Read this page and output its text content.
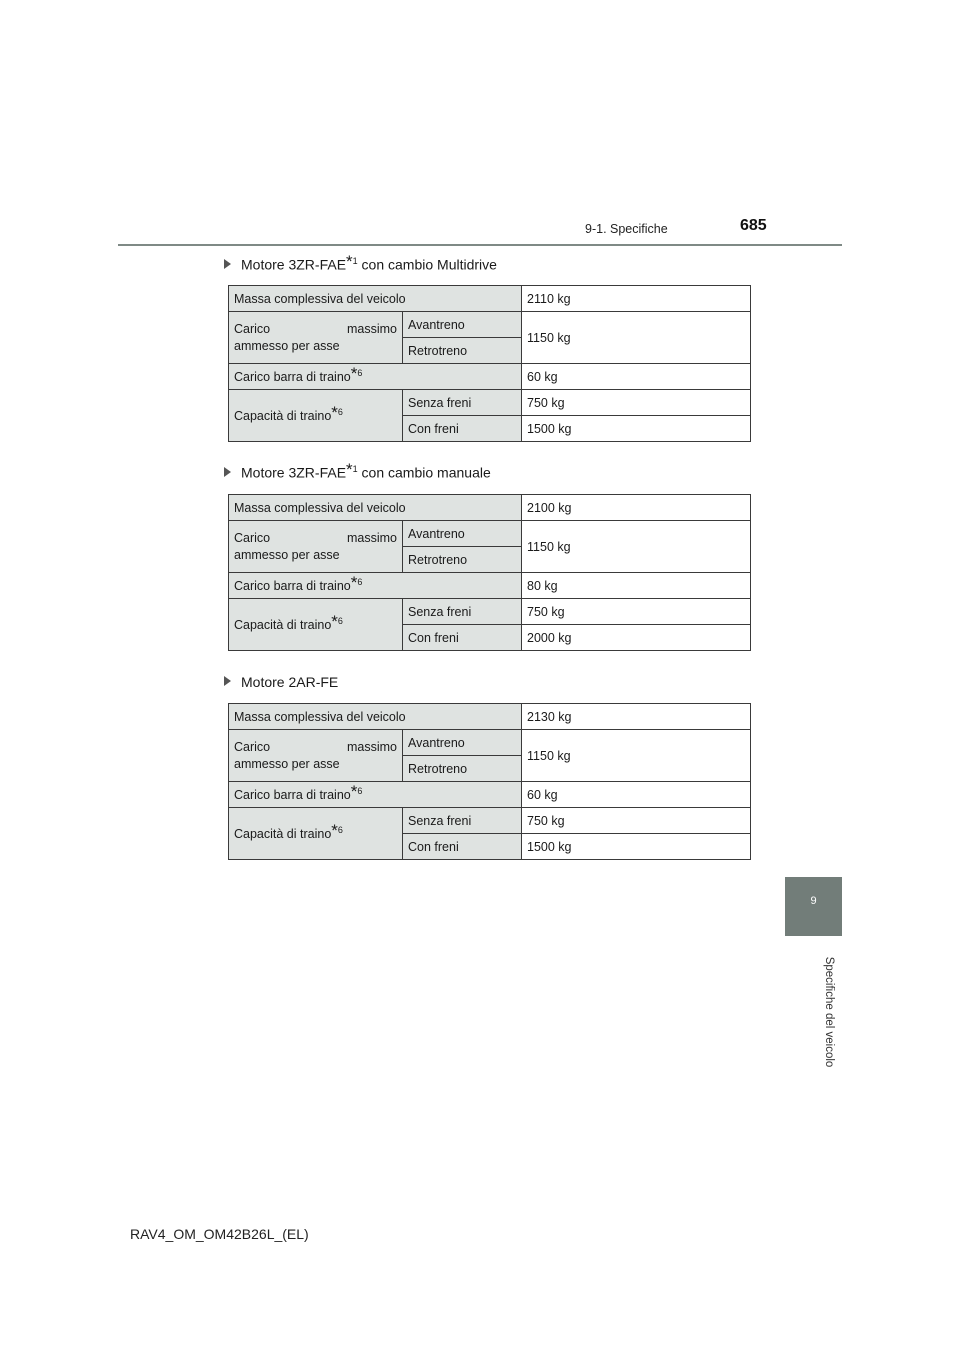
9-1. Specifiche	685
9
Specifiche del veicolo
Motore 3ZR-FAE$^{*1}$ con cambio Multidrive
Massa complessiva del veicolo		2110 kg

Carico massimo
ammesso per asse	Avantreno	1150 kg
	Retrotreno	
Carico barra di traino$^{*6}$		60 kg
Capacità di traino$^{*6}$	Senza freni	750 kg
	Con freni	1500 kg
Motore 3ZR-FAE$^{*1}$ con cambio manuale
Massa complessiva del veicolo		2100 kg

Carico massimo
ammesso per asse	Avantreno	1150 kg
	Retrotreno	
Carico barra di traino$^{*6}$		80 kg
Capacità di traino$^{*6}$	Senza freni	750 kg
	Con freni	2000 kg
Motore 2AR-FE
Massa complessiva del veicolo		2130 kg

Carico massimo
ammesso per asse	Avantreno	1150 kg
	Retrotreno	
Carico barra di traino$^{*6}$		60 kg
Capacità di traino$^{*6}$	Senza freni	750 kg
	Con freni	1500 kg
RAV4_OM_OM42B26L_(EL)
